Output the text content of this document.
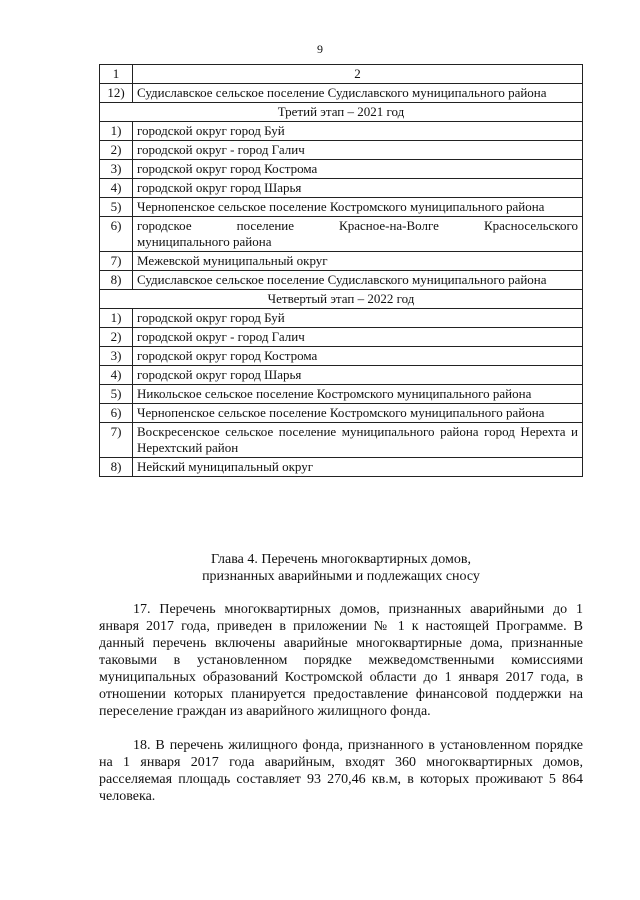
9
1	2
12)	Судиславское сельское поселение Судиславского муниципального района
Третий этап – 2021 год	
1)	городской округ город Буй
2)	городской округ - город Галич
3)	городской округ город Кострома
4)	городской округ город Шарья
5)	Чернопенское сельское поселение Костромского муниципального района
6)	городское поселение Красное-на-Волге Красносельского
муниципального района

7)	Межевской муниципальный округ
8)	Судиславское сельское поселение Судиславского муниципального района
Четвертый этап – 2022 год	
1)	городской округ город Буй
2)	городской округ - город Галич
3)	городской округ город Кострома
4)	городской округ город Шарья
5)	Никольское сельское поселение Костромского муниципального района
6)	Чернопенское сельское поселение Костромского муниципального района
7)	Воскресенское сельское поселение муниципального района город Нерехта и Нерехтский район
8)	Нейский муниципальный округ
Глава 4. Перечень многоквартирных домов,
признанных аварийными и подлежащих сносу

17. Перечень многоквартирных домов, признанных аварийными до 1 января 2017 года, приведен в приложении № 1 к настоящей Программе. В данный перечень включены аварийные многоквартирные дома, признанные таковыми в установленном порядке межведомственными комиссиями муниципальных образований Костромской области до 1 января 2017 года, в отношении которых планируется предоставление финансовой поддержки на переселение граждан из аварийного жилищного фонда.

18. В перечень жилищного фонда, признанного в установленном порядке на 1 января 2017 года аварийным, входят 360 многоквартирных домов, расселяемая площадь составляет 93 270,46 кв.м, в которых проживают 5 864 человека.
